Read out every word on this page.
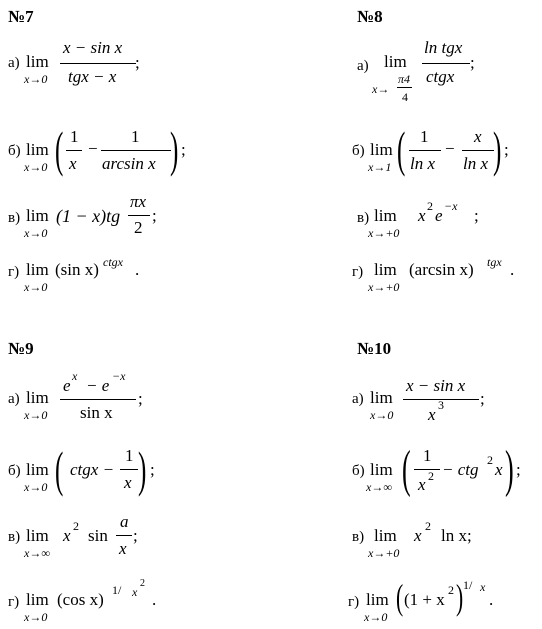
№7
а) lim
x→0
x − sin x
tgx − x
;
б) lim
x→0 ( 1
x
−
1
arcsin x ) ;
в) lim
x→0
(1 − x)tg
πx
2
;
г) lim
x→0
(sin x) ctgx .
№8
а) lim
x→
π4
4
ln tgx
ctgx
;
б) lim
x→1 ( 1
ln x
−
x
ln x ) ;
в) lim
x→+0
x 2 e −x ;
г) lim
x→+0
(arcsin x) tgx .
№9
а) lim
x→0
e x − e −x
sin x
;
б) lim
x→0 ( ctgx −
1
x ) ;
в) lim
x→∞
x 2 sin
a
x
;
г) lim
x→0
(cos x) 1/ x
2
.
№10
а) lim
x→0
x − sin x
x 3 ;
б) lim
x→∞ ( 1
x 2 − ctg 2 x ) ;
в) lim
x→+0
x 2 ln x;
г) lim
x→0 ( (1 + x 2 ) 1/ x
.
